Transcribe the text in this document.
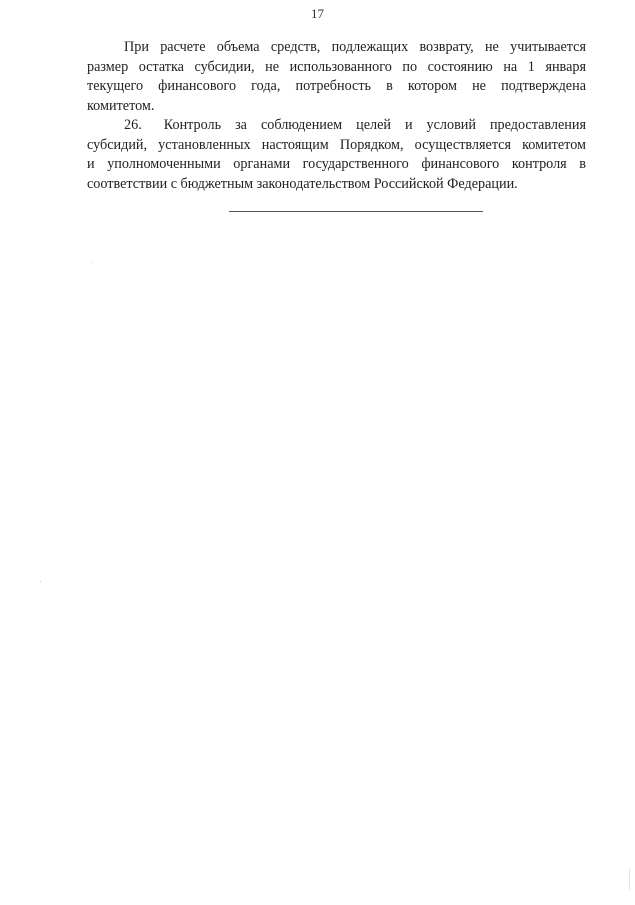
17
При расчете объема средств, подлежащих возврату, не учитывается
размер остатка субсидии, не использованного по состоянию на 1 января
текущего финансового года, потребность в котором не подтверждена
комитетом.
26. Контроль за соблюдением целей и условий предоставления
субсидий, установленных настоящим Порядком, осуществляется комитетом
и уполномоченными органами государственного финансового контроля в
соответствии с бюджетным законодательством Российской Федерации.
